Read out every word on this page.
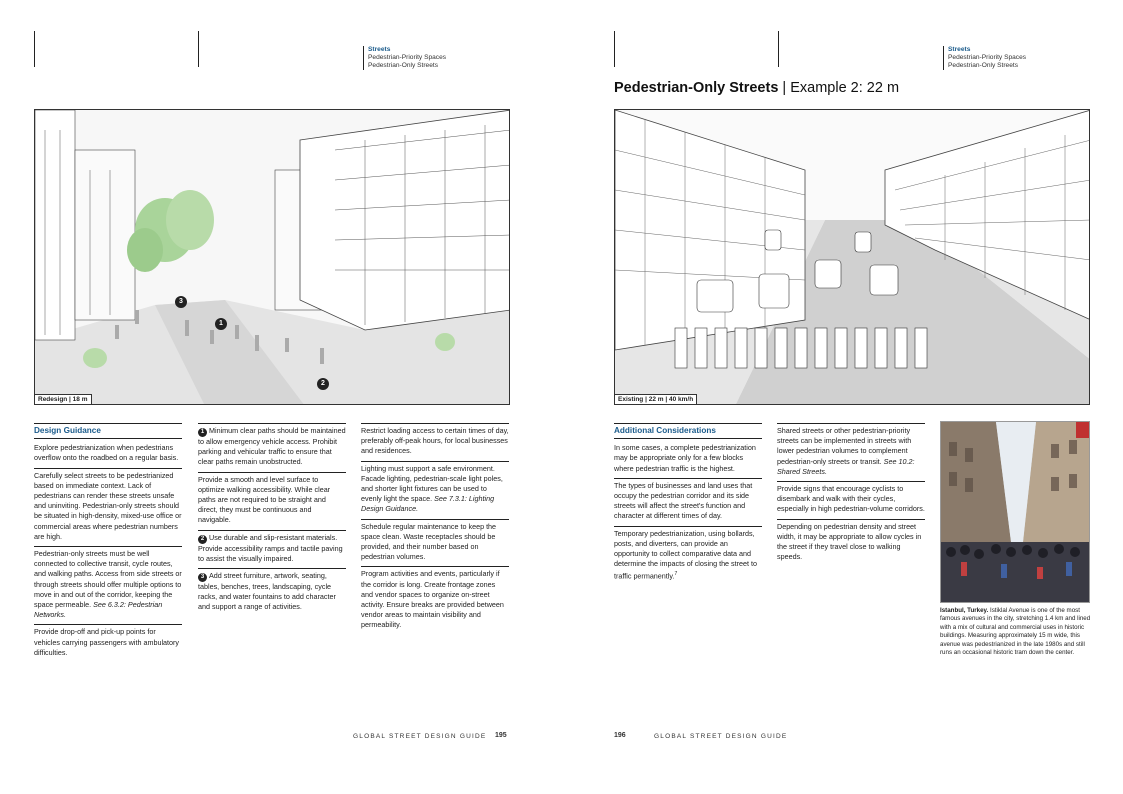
Streets
Pedestrian-Priority Spaces
Pedestrian-Only Streets
Streets
Pedestrian-Priority Spaces
Pedestrian-Only Streets
Pedestrian-Only Streets | Example 2: 22 m
1
2
3
Redesign | 18 m	Existing | 22 m | 40 km/h
Design Guidance

Explore pedestrianization when pedestrians overflow onto the roadbed on a regular basis.

Carefully select streets to be pedestrianized based on immediate context. Lack of pedestrians can render these streets unsafe and uninviting. Pedestrian-only streets should be situated in high-density, mixed-use office or commercial areas where pedestrian numbers are high.

Pedestrian-only streets must be well connected to collective transit, cycle routes, and walking paths. Access from side streets or through streets should offer multiple options to move in and out of the corridor, keeping the space permeable. See 6.3.2: Pedestrian Networks.

Provide drop-off and pick-up points for vehicles carrying passengers with ambulatory difficulties.

1 Minimum clear paths should be maintained to allow emergency vehicle access. Prohibit parking and vehicular traffic to ensure that clear paths remain unobstructed.

Provide a smooth and level surface to optimize walking accessibility. While clear paths are not required to be straight and direct, they must be continuous and navigable.

2 Use durable and slip-resistant materials. Provide accessibility ramps and tactile paving to assist the visually impaired.

3 Add street furniture, artwork, seating, tables, benches, trees, landscaping, cycle racks, and water fountains to add character and support a range of activities.

Restrict loading access to certain times of day, preferably off-peak hours, for local businesses and residences.

Lighting must support a safe environment. Facade lighting, pedestrian-scale light poles, and shorter light fixtures can be used to evenly light the space. See 7.3.1: Lighting Design Guidance.

Schedule regular maintenance to keep the space clean. Waste receptacles should be provided, and their number based on pedestrian volumes.

Program activities and events, particularly if the corridor is long. Create frontage zones and vendor spaces to organize on-street activity. Ensure breaks are provided between vendor areas to maintain visibility and permeability.

Additional Considerations

In some cases, a complete pedestrianization may be appropriate only for a few blocks where pedestrian traffic is the highest.

The types of businesses and land uses that occupy the pedestrian corridor and its side streets will affect the street's function and character at different times of day.

Temporary pedestrianization, using bollards, posts, and diverters, can provide an opportunity to collect comparative data and determine the impacts of closing the street to traffic permanently.$^7$

Shared streets or other pedestrian-priority streets can be implemented in streets with lower pedestrian volumes to complement pedestrian-only streets or transit. See 10.2: Shared Streets.

Provide signs that encourage cyclists to disembark and walk with their cycles, especially in high pedestrian-volume corridors.

Depending on pedestrian density and street width, it may be appropriate to allow cycles in the street if they travel close to walking speeds.

Istanbul, Turkey. Istiklal Avenue is one of the most famous avenues in the city, stretching 1.4 km and lined with a mix of cultural and commercial uses in historic buildings. Measuring approximately 15 m wide, this avenue was pedestrianized in the late 1980s and still runs an occasional historic tram down the center.
GLOBAL STREET DESIGN GUIDE 195	196	GLOBAL STREET DESIGN GUIDE
